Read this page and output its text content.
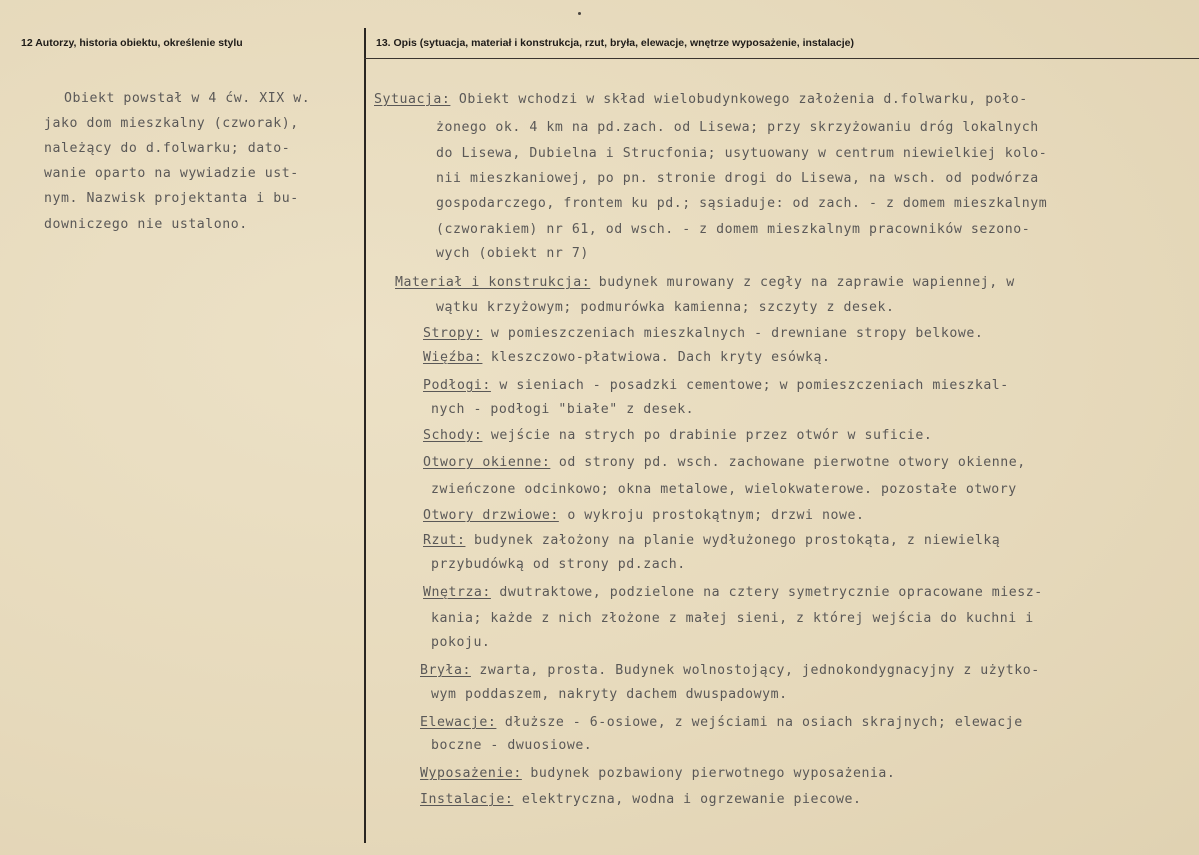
12 Autorzy, historia obiektu, określenie stylu	13. Opis (sytuacja, materiał i konstrukcja, rzut, bryła, elewacje, wnętrze wyposażenie, instalacje)
Obiekt powstał w 4 ćw. XIX w.
jako dom mieszkalny (czworak),
należący do d.folwarku; dato-
wanie oparto na wywiadzie ust-
nym. Nazwisk projektanta i bu-
downiczego nie ustalono.
Sytuacja: Obiekt wchodzi w skład wielobudynkowego założenia d.folwarku, poło-
żonego ok. 4 km na pd.zach. od Lisewa; przy skrzyżowaniu dróg lokalnych
do Lisewa, Dubielna i Strucfonia; usytuowany w centrum niewielkiej kolo-
nii mieszkaniowej, po pn. stronie drogi do Lisewa, na wsch. od podwórza
gospodarczego, frontem ku pd.; sąsiaduje: od zach. - z domem mieszkalnym
(czworakiem) nr 61, od wsch. - z domem mieszkalnym pracowników sezono-
wych (obiekt nr 7)
Materiał i konstrukcja: budynek murowany z cegły na zaprawie wapiennej, w
wątku krzyżowym; podmurówka kamienna; szczyty z desek.
Stropy: w pomieszczeniach mieszkalnych - drewniane stropy belkowe.
Więźba: kleszczowo-płatwiowa. Dach kryty esówką.
Podłogi: w sieniach - posadzki cementowe; w pomieszczeniach mieszkal-
nych - podłogi "białe" z desek.
Schody: wejście na strych po drabinie przez otwór w suficie.
Otwory okienne: od strony pd. wsch. zachowane pierwotne otwory okienne,
zwieńczone odcinkowo; okna metalowe, wielokwaterowe. pozostałe otwory
Otwory drzwiowe: o wykroju prostokątnym; drzwi nowe.
Rzut: budynek założony na planie wydłużonego prostokąta, z niewielką
przybudówką od strony pd.zach.
Wnętrza: dwutraktowe, podzielone na cztery symetrycznie opracowane miesz-
kania; każde z nich złożone z małej sieni, z której wejścia do kuchni i
pokoju.
Bryła: zwarta, prosta. Budynek wolnostojący, jednokondygnacyjny z użytko-
wym poddaszem, nakryty dachem dwuspadowym.
Elewacje: dłuższe - 6-osiowe, z wejściami na osiach skrajnych; elewacje
boczne - dwuosiowe.
Wyposażenie: budynek pozbawiony pierwotnego wyposażenia.
Instalacje: elektryczna, wodna i ogrzewanie piecowe.
